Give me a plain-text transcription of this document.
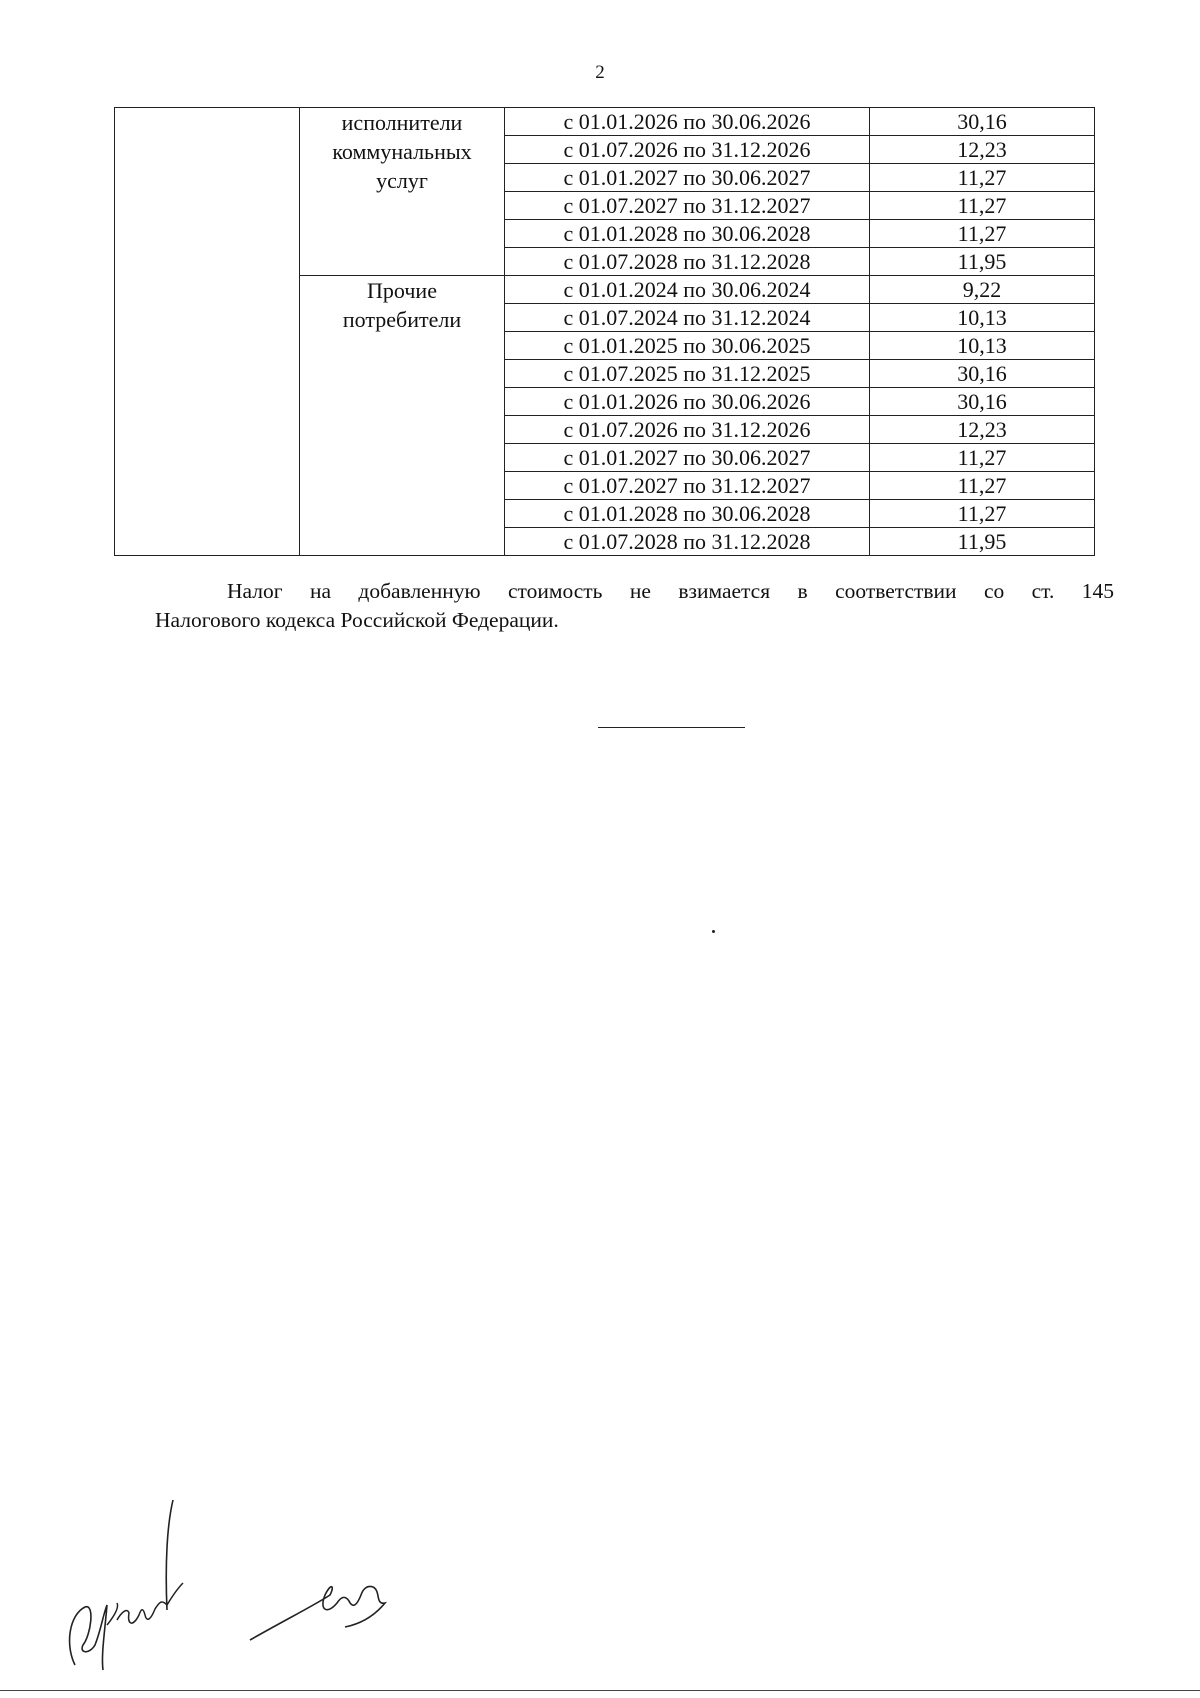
2

	исполнители
коммунальных
услуг	с 01.01.2026 по 30.06.2026	30,16
		с 01.07.2026 по 31.12.2026	12,23
		с 01.01.2027 по 30.06.2027	11,27
		с 01.07.2027 по 31.12.2027	11,27
		с 01.01.2028 по 30.06.2028	11,27
		с 01.07.2028 по 31.12.2028	11,95

	Прочие
потребители	с 01.01.2024 по 30.06.2024	9,22
		с 01.07.2024 по 31.12.2024	10,13
		с 01.01.2025 по 30.06.2025	10,13
		с 01.07.2025 по 31.12.2025	30,16
		с 01.01.2026 по 30.06.2026	30,16
		с 01.07.2026 по 31.12.2026	12,23
		с 01.01.2027 по 30.06.2027	11,27
		с 01.07.2027 по 31.12.2027	11,27
		с 01.01.2028 по 30.06.2028	11,27
		с 01.07.2028 по 31.12.2028	11,95
Налог на добавленную стоимость не взимается в соответствии со ст. 145
Налогового кодекса Российской Федерации.
